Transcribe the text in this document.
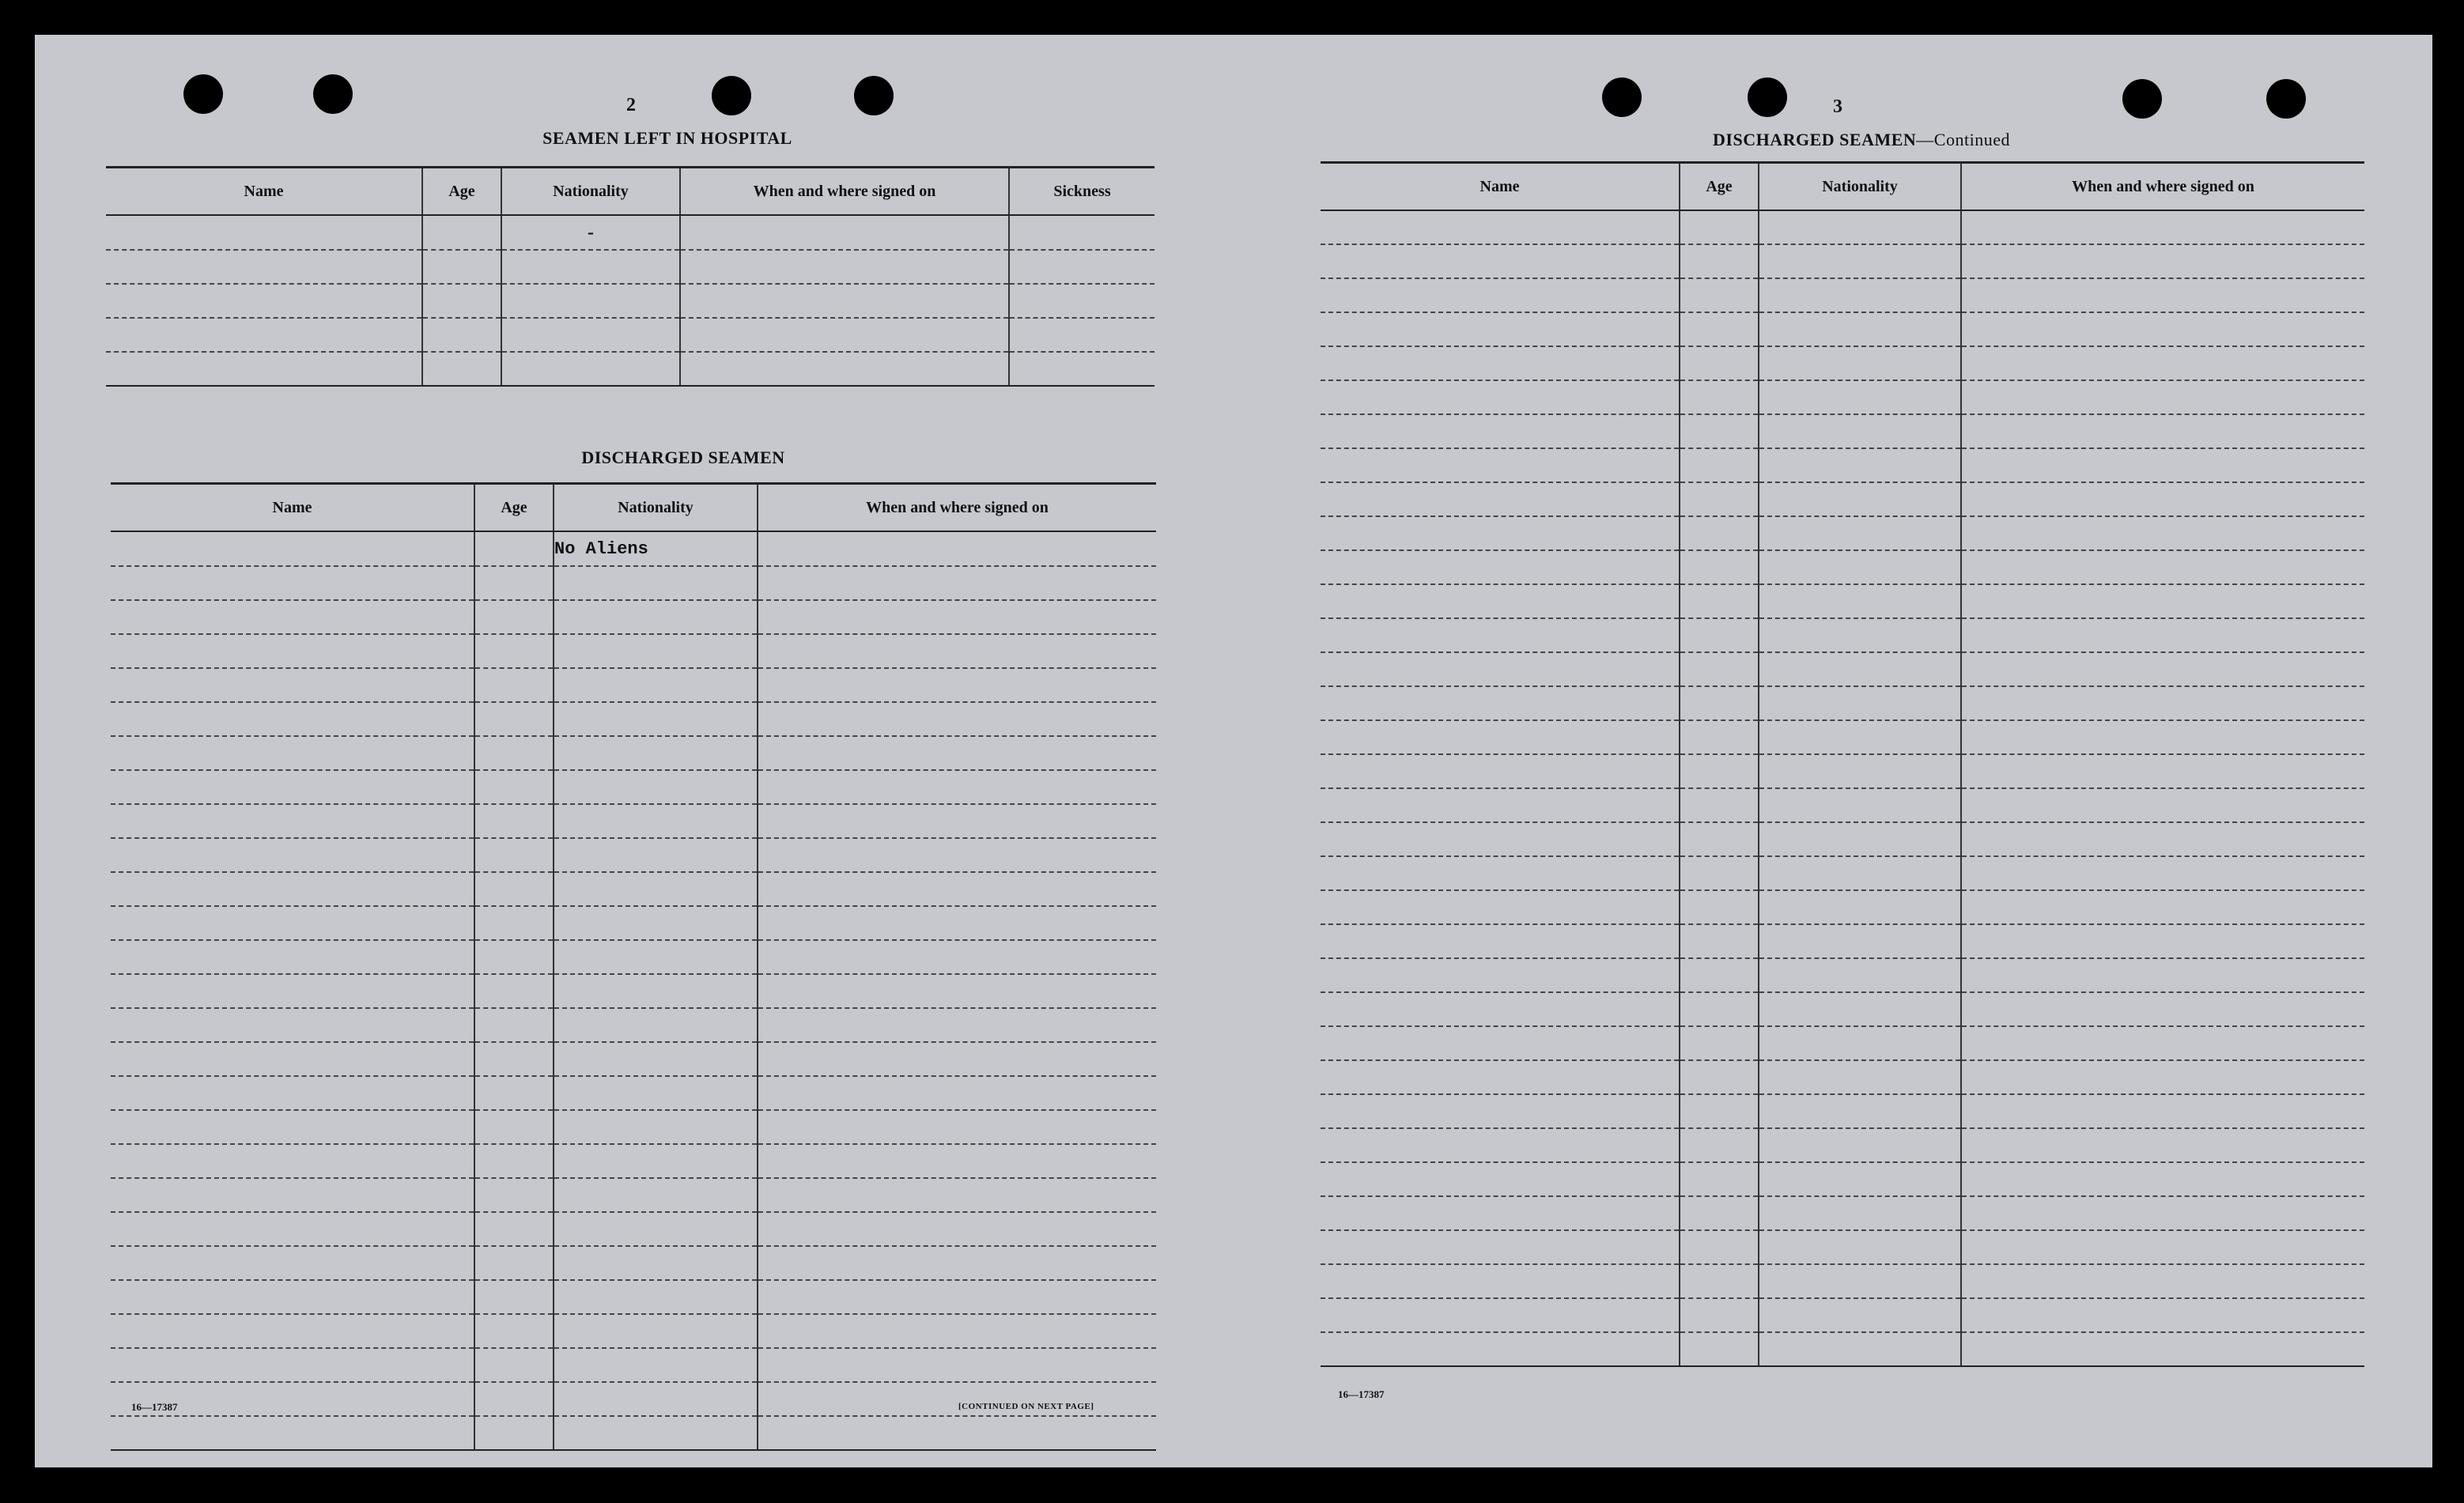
2
SEAMEN LEFT IN HOSPITAL
Name	Age	Nationality	When and where signed on	Sickness

		-		

DISCHARGED SEAMEN
Name	Age	Nationality	When and where signed on
		No Aliens	

16—17387	[CONTINUED ON NEXT PAGE]
3
DISCHARGED SEAMEN—Continued
Name	Age	Nationality	When and where signed on

16—17387
